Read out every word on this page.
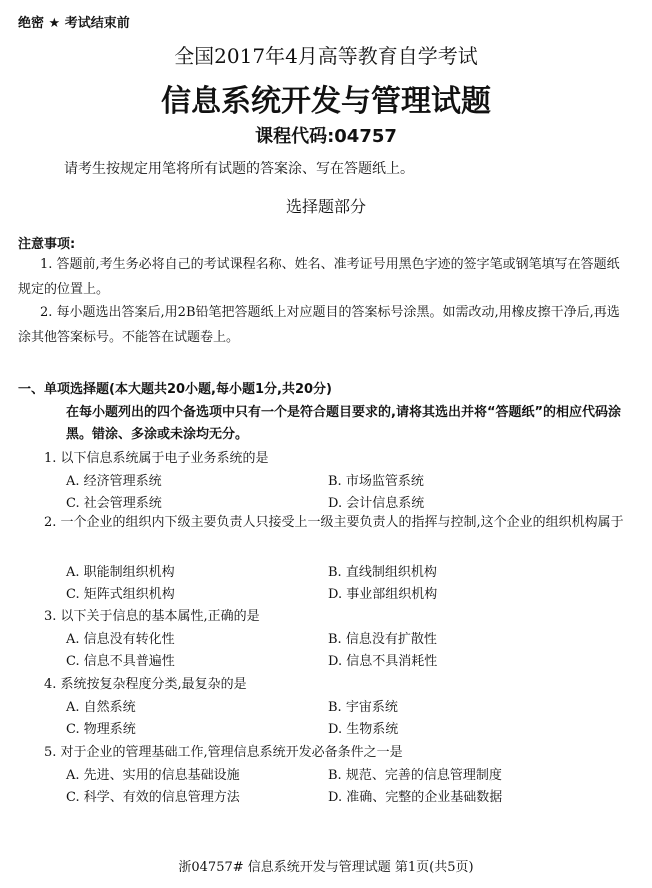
绝密 ★ 考试结束前
全国2017年4月高等教育自学考试
信息系统开发与管理试题
课程代码:04757
请考生按规定用笔将所有试题的答案涂、写在答题纸上。
选择题部分
注意事项:
1. 答题前,考生务必将自己的考试课程名称、姓名、准考证号用黑色字迹的签字笔或钢笔填写在答题纸规定的位置上。
2. 每小题选出答案后,用2B铅笔把答题纸上对应题目的答案标号涂黑。如需改动,用橡皮擦干净后,再选涂其他答案标号。不能答在试题卷上。
一、单项选择题(本大题共20小题,每小题1分,共20分)
在每小题列出的四个备选项中只有一个是符合题目要求的,请将其选出并将“答题纸”的相应代码涂黑。错涂、多涂或未涂均无分。
1. 以下信息系统属于电子业务系统的是
A. 经济管理系统	B. 市场监管系统
C. 社会管理系统	D. 会计信息系统
2. 一个企业的组织内下级主要负责人只接受上一级主要负责人的指挥与控制,这个企业的组织机构属于
A. 职能制组织机构	B. 直线制组织机构
C. 矩阵式组织机构	D. 事业部组织机构
3. 以下关于信息的基本属性,正确的是
A. 信息没有转化性	B. 信息没有扩散性
C. 信息不具普遍性	D. 信息不具消耗性
4. 系统按复杂程度分类,最复杂的是
A. 自然系统	B. 宇宙系统
C. 物理系统	D. 生物系统
5. 对于企业的管理基础工作,管理信息系统开发必备条件之一是
A. 先进、实用的信息基础设施	B. 规范、完善的信息管理制度
C. 科学、有效的信息管理方法	D. 准确、完整的企业基础数据
浙04757# 信息系统开发与管理试题 第1页(共5页)
